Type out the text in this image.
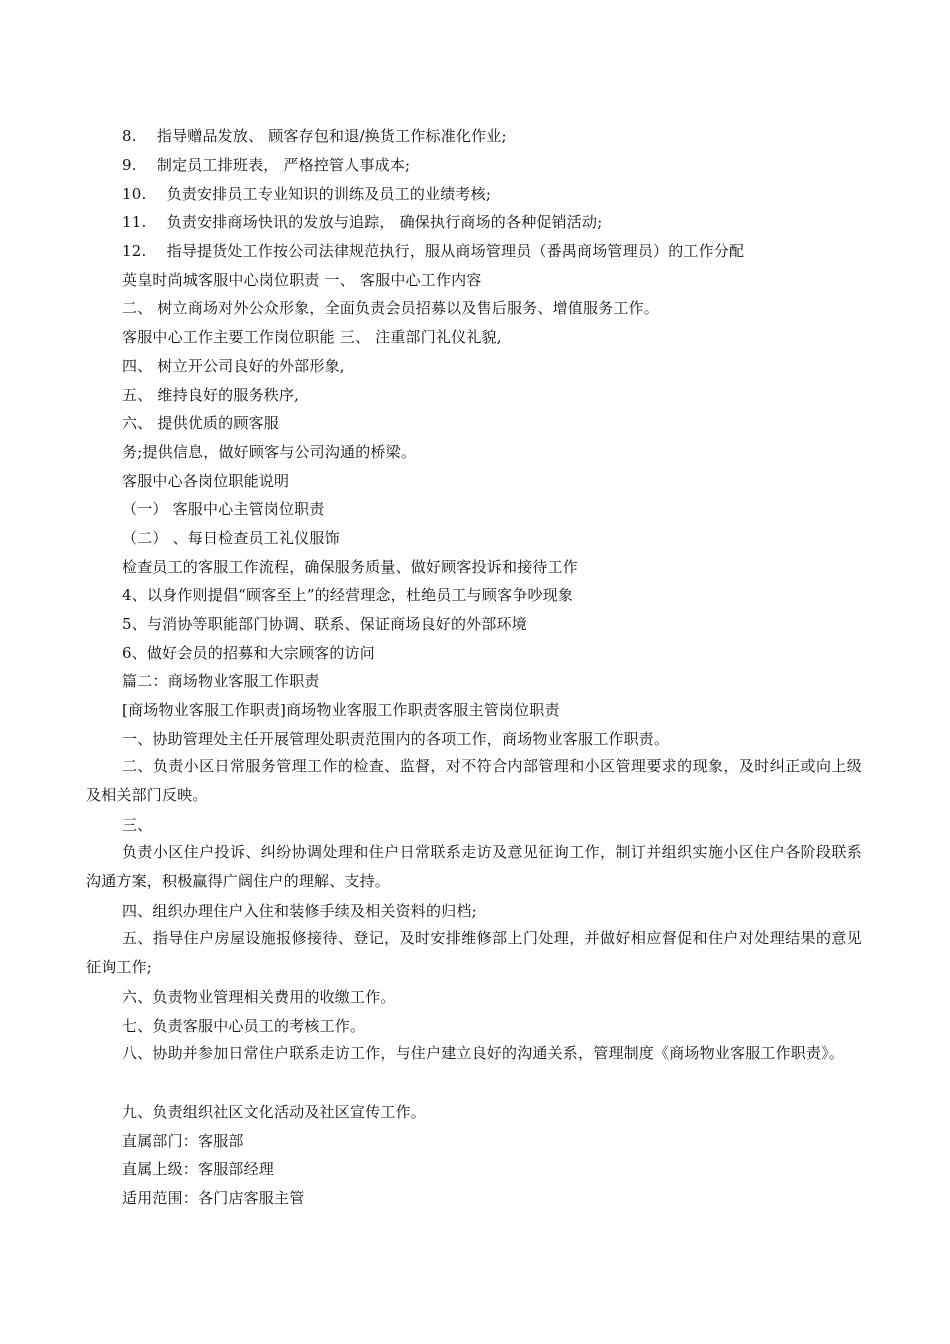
8.　 指导赠品发放、 顾客存包和退/换货工作标准化作业;
9.　 制定员工排班表， 严格控管人事成本;
10.　 负责安排员工专业知识的训练及员工的业绩考核;
11.　 负责安排商场快讯的发放与追踪， 确保执行商场的各种促销活动;
12.　 指导提货处工作按公司法律规范执行，服从商场管理员（番禺商场管理员）的工作分配
英皇时尚城客服中心岗位职责 一、 客服中心工作内容
二、 树立商场对外公众形象，全面负责会员招募以及售后服务、增值服务工作。
客服中心工作主要工作岗位职能 三、 注重部门礼仪礼貌,
四、 树立开公司良好的外部形象,
五、 维持良好的服务秩序,
六、 提供优质的顾客服
务;提供信息，做好顾客与公司沟通的桥梁。
客服中心各岗位职能说明
（一） 客服中心主管岗位职责
（二） 、每日检查员工礼仪服饰
检查员工的客服工作流程，确保服务质量、做好顾客投诉和接待工作
4、以身作则提倡“顾客至上”的经营理念，杜绝员工与顾客争吵现象
5、与消协等职能部门协调、联系、保证商场良好的外部环境
6、做好会员的招募和大宗顾客的访问
篇二：商场物业客服工作职责
[商场物业客服工作职责]商场物业客服工作职责客服主管岗位职责
一、协助管理处主任开展管理处职责范围内的各项工作，商场物业客服工作职责。
二、负责小区日常服务管理工作的检查、监督，对不符合内部管理和小区管理要求的现象，及时纠正或向上级及相关部门反映。
三、
负责小区住户投诉、纠纷协调处理和住户日常联系走访及意见征询工作，制订并组织实施小区住户各阶段联系沟通方案，积极赢得广阔住户的理解、支持。
四、组织办理住户入住和装修手续及相关资料的归档;
五、指导住户房屋设施报修接待、登记，及时安排维修部上门处理，并做好相应督促和住户对处理结果的意见征询工作;
六、负责物业管理相关费用的收缴工作。
七、负责客服中心员工的考核工作。
八、协助并参加日常住户联系走访工作，与住户建立良好的沟通关系，管理制度《商场物业客服工作职责》。
九、负责组织社区文化活动及社区宣传工作。
直属部门：客服部
直属上级：客服部经理
适用范围：各门店客服主管
